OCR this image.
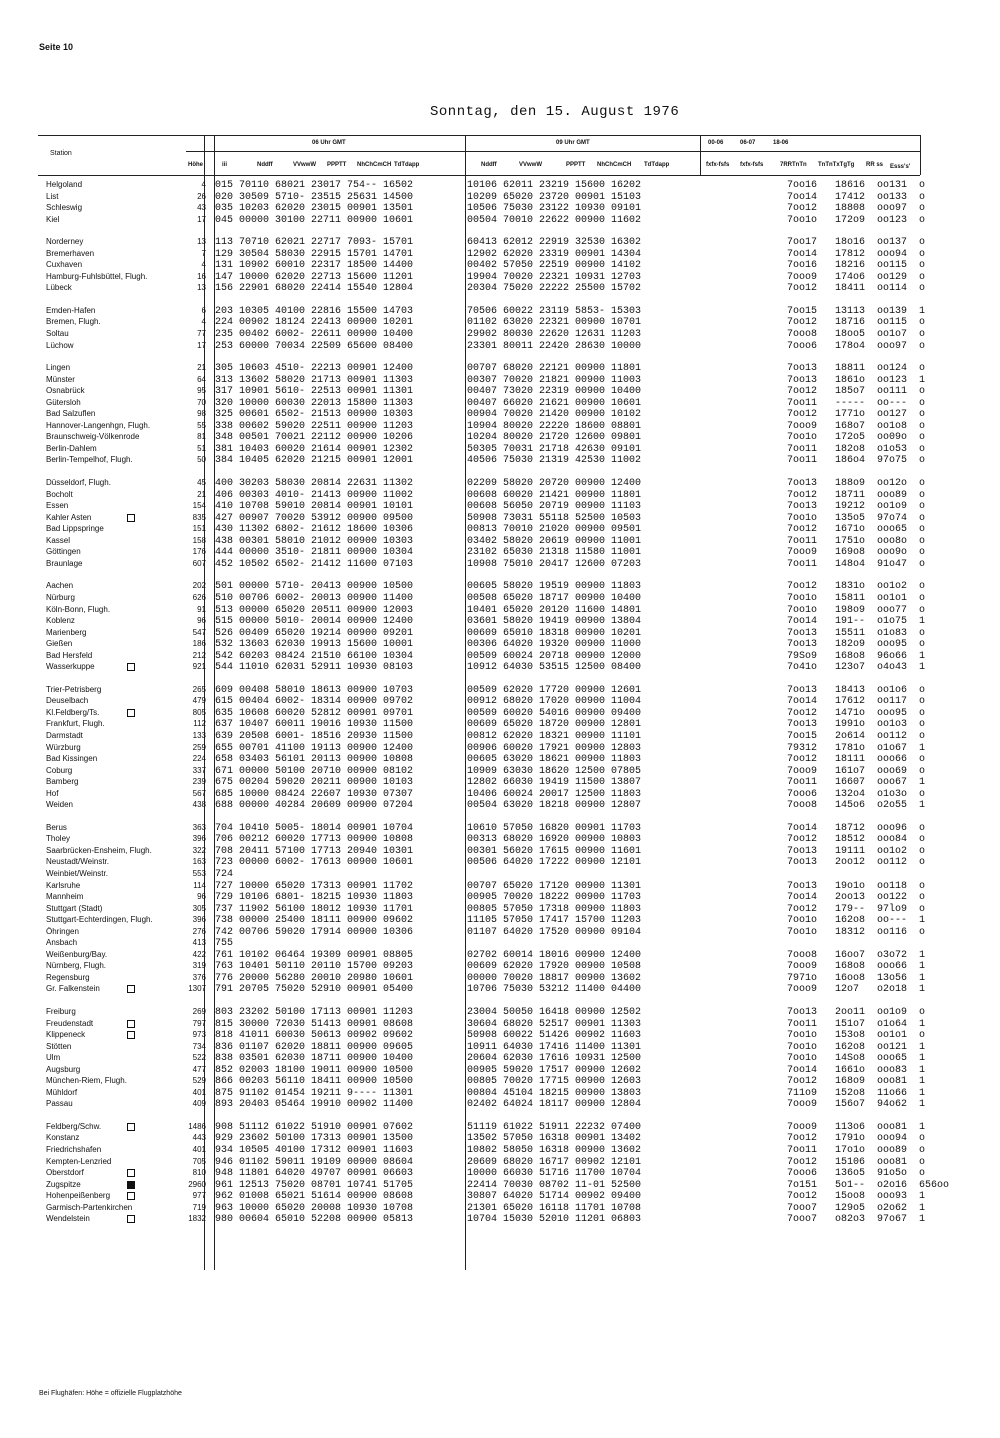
Seite 10
Sonntag, den 15. August 1976
Station
Höhe	iii
06 Uhr GMT	09 Uhr GMT
Nddff	VVwwW PPPTT NhChCmCH TdTdapp	Nddff	VVwwW	PPPTT NhChCmCH TdTdapp
00-06	06-07	18-06
fxfx-fsfs fxfx-fsfs	7RRTnTn TnTnTxTgTg RR ss Esss's'
Helgoland	4 015 70110 68021 23017 754-- 16502	10106 62011 23219 15600 16202	7oo16   18616  oo131  o
List	26 020 30509 5710- 23515 25631 14500	10209 65020 23720 00901 15103	7oo14   17412  oo133  o
Schleswig	43 035 10203 62020 23015 00901 13501	10506 75030 23122 10930 09101	7oo12   18808  ooo97  o
Kiel	17 045 00000 30100 22711 00900 10601	00504 70010 22622 00900 11602	7oo1o   172o9  oo123  o
Norderney	13 113 70710 62021 22717 7093- 15701	60413 62012 22919 32530 16302	7oo17   18o16  oo137  o
Bremerhaven	7 129 30504 58030 22915 15701 14701	12902 62020 23319 00901 14304	7oo14   17812  ooo94  o
Cuxhaven	4 131 10902 60010 22317 18500 14400	00402 57050 22519 00900 14102	7oo16   18216  oo115  o
Hamburg-Fuhlsbüttel, Flugh.	16 147 10000 62020 22713 15600 11201	19904 70020 22321 10931 12703	7ooo9   174o6  oo129  o
Lübeck	13 156 22901 68020 22414 15540 12804	20304 75020 22222 25500 15702	7oo12   18411  oo114  o
Emden-Hafen	6 203 10305 40100 22816 15500 14703	70506 60022 23119 5853- 15303	7oo15   13113  oo139  1
Bremen, Flugh.	4 224 00902 18124 22413 00900 10201	01102 63020 22321 00900 10701	7oo12   18716  oo115  o
Soltau	77 235 00402 6002- 22611 00900 10400	29902 80030 22620 12631 11203	7ooo8   18oo5  oo1o7  o
Lüchow	17 253 60000 70034 22509 65600 08400	23301 80011 22420 28630 10000	7ooo6   178o4  ooo97  o
Lingen	21 305 10603 4510- 22213 00901 12400	00707 68020 22121 00900 11801	7oo13   18811  oo124  o
Münster	64 313 13602 58020 21713 00901 11303	00307 70020 21821 00900 11003	7oo13   1861o  oo123  1
Osnabrück	95 317 10901 5610- 22513 00901 11301	00407 73020 22319 00900 10400	7oo12   185o7  oo111  o
Gütersloh	70 320 10000 60030 22013 15800 11303	00407 66020 21621 00900 10601	7oo11   -----  oo---  o
Bad Salzuflen	98 325 00601 6502- 21513 00900 10303	00904 70020 21420 00900 10102	7oo12   1771o  oo127  o
Hannover-Langenhgn, Flugh.	55 338 00602 59020 22511 00900 11203	10904 80020 22220 18600 08801	7ooo9   168o7  oo1o8  o
Braunschweig-Völkenrode	81 348 00501 70021 22112 00900 10206	10204 80020 21720 12600 09801	7oo1o   172o5  oo09o  o
Berlin-Dahlem	51 381 10403 60020 21614 00901 12302	50305 70031 21718 42630 09101	7oo11   182o8  o1o53  o
Berlin-Tempelhof, Flugh.	50 384 10405 62020 21215 00901 12001	40506 75030 21319 42530 11002	7oo11   186o4  97o75  o
Düsseldorf, Flugh.	45 400 30203 58030 20814 22631 11302	02209 58020 20720 00900 12400	7oo13   188o9  oo12o  o
Bocholt	21 406 00303 4010- 21413 00900 11002	00608 60020 21421 00900 11801	7oo12   18711  ooo89  o
Essen	154 410 10708 59010 20814 00901 10101	00608 56050 20719 00900 11103	7oo13   19212  oo1o9  o
Kahler Asten	835 427 00907 70020 53912 00900 09500	50908 73031 55118 52500 10503	7oo1o   135o5  97o74  o
Bad Lippspringe	151 430 11302 6802- 21612 18600 10306	00813 70010 21020 00900 09501	7oo12   1671o  ooo65  o
Kassel	158 438 00301 58010 21012 00900 10303	03402 58020 20619 00900 11001	7oo11   1751o  ooo8o  o
Göttingen	176 444 00000 3510- 21811 00900 10304	23102 65030 21318 11580 11001	7ooo9   169o8  ooo9o  o
Braunlage	607 452 10502 6502- 21412 11600 07103	10908 75010 20417 12600 07203	7oo11   148o4  91o47  o
Aachen	202 501 00000 5710- 20413 00900 10500	00605 58020 19519 00900 11803	7oo12   1831o  oo1o2  o
Nürburg	626 510 00706 6002- 20013 00900 11400	00508 65020 18717 00900 10400	7oo1o   15811  oo1o1  o
Köln-Bonn, Flugh.	91 513 00000 65020 20511 00900 12003	10401 65020 20120 11600 14801	7oo1o   198o9  ooo77  o
Koblenz	96 515 00000 5010- 20014 00900 12400	03601 58020 19419 00900 13804	7oo14   191--  o1o75  1
Marienberg	547 526 00409 65020 19214 00900 09201	00609 65010 18318 00900 10201	7oo13   15511  o1o83  o
Gießen	186 532 13603 62030 19913 15600 10001	00306 64020 19320 00900 11000	7oo13   182o9  ooo95  o
Bad Hersfeld	212 542 60203 08424 21510 66100 10304	00509 60024 20718 00900 12000	79So9   168o8  96o66  1
Wasserkuppe	921 544 11010 62031 52911 10930 08103	10912 64030 53515 12500 08400	7o41o   123o7  o4o43  1
Trier-Petrisberg	265 609 00408 58010 18613 00900 10703	00509 62020 17720 00900 12601	7oo13   18413  oo1o6  o
Deuselbach	479 615 00404 6002- 18314 00900 09702	00912 68020 17020 00900 11004	7oo14   17612  oo117  o
Kl.Feldberg/Ts.	805 635 10608 60020 52812 00901 09701	00509 60020 54016 00900 09400	7oo12   1471o  ooo95  o
Frankfurt, Flugh.	112 637 10407 60011 19016 10930 11500	00609 65020 18720 00900 12801	7oo13   1991o  oo1o3  o
Darmstadt	133 639 20508 6001- 18516 20930 11500	00812 62020 18321 00900 11101	7oo15   2o614  oo112  o
Würzburg	259 655 00701 41100 19113 00900 12400	00906 60020 17921 00900 12803	79312   1781o  o1o67  1
Bad Kissingen	224 658 03403 56101 20113 00900 10808	00605 63020 18621 00900 11803	7oo12   18111  ooo66  o
Coburg	337 671 00000 50100 20710 00900 08102	10909 63030 18620 12500 07805	7ooo9   161o7  ooo69  o
Bamberg	239 675 00204 59020 20211 00900 10103	12802 66030 19419 11500 13807	7oo11   16607  ooo67  1
Hof	567 685 10000 08424 22607 10930 07307	10406 60024 20017 12500 11803	7ooo6   132o4  o1o3o  o
Weiden	438 688 00000 40284 20609 00900 07204	00504 63020 18218 00900 12807	7ooo8   145o6  o2o55  1
Berus	363 704 10410 5005- 18014 00901 10704	10610 57050 16820 00901 11703	7oo14   18712  ooo96  o
Tholey	396 706 00212 60020 17713 00900 10808	00313 68020 16920 00900 10803	7oo12   18512  ooo84  o
Saarbrücken-Ensheim, Flugh.	322 708 20411 57100 17713 20940 10301	00301 56020 17615 00900 11601	7oo13   19111  oo1o2  o
Neustadt/Weinstr.	163 723 00000 6002- 17613 00900 10601	00506 64020 17222 00900 12101	7oo13   2oo12  oo112  o
Weinbiet/Weinstr.	553 724
Karlsruhe	114 727 10000 65020 17313 00901 11702	00707 65020 17120 00900 11301	7oo13   19o1o  oo118  o
Mannheim	96 729 10106 6801- 18215 10930 11803	00905 70020 18222 00900 11703	7oo14   2oo13  oo122  o
Stuttgart (Stadt)	305 737 11902 56100 18012 10930 11701	00805 57050 17318 00900 11803	7oo12   179--  97lo9  o
Stuttgart-Echterdingen, Flugh.	396 738 00000 25400 18111 00900 09602	11105 57050 17417 15700 11203	7oo1o   162o8  oo---  1
Öhringen	276 742 00706 59020 17914 00900 10306	01107 64020 17520 00900 09104	7oo1o   18312  oo116  o
Ansbach	413 755
Weißenburg/Bay.	422 761 10102 06464 19309 00901 08805	02702 60014 18016 00900 12400	7ooo8   16oo7  o3o72  1
Nürnberg, Flugh.	319 763 10401 50110 20110 15700 09203	00609 62020 17920 00900 10508	7ooo9   168o8  ooo66  1
Regensburg	376 776 20000 56280 20010 20980 10601	00000 70020 18817 00900 13602	7971o   16oo8  13o56  1
Gr. Falkenstein	1307 791 20705 75020 52910 00901 05400	10706 75030 53212 11400 04400	7ooo9   12o7   o2o18  1
Freiburg	269 803 23202 50100 17113 00901 11203	23004 50050 16418 00900 12502	7oo13   2oo11  oo1o9  o
Freudenstadt	797 815 30000 72030 51413 00901 08608	30604 68020 52517 00901 11303	7oo11   151o7  o1o64  1
Klippeneck	973 818 41011 60030 50613 00902 09602	50908 60022 51426 00902 11603	7oo1o   153o8  oo1o1  o
Stötten	734 836 01107 62020 18811 00900 09605	10911 64030 17416 11400 11301	7oo1o   162o8  oo121  1
Ulm	522 838 03501 62030 18711 00900 10400	20604 62030 17616 10931 12500	7oo1o   14So8  ooo65  1
Augsburg	477 852 02003 18100 19011 00900 10500	00905 59020 17517 00900 12602	7oo14   1661o  ooo83  1
München-Riem, Flugh.	529 866 00203 56110 18411 00900 10500	00805 70020 17715 00900 12603	7oo12   168o9  ooo81  1
Mühldorf	401 875 91102 01454 19211 9---- 11301	00804 45104 18215 00900 13803	711o9   152o8  11o66  1
Passau	409 893 20403 05464 19910 00902 11400	02402 64024 18117 00900 12804	7ooo9   156o7  94o62  1
Feldberg/Schw.	1486 908 51112 61022 51910 00901 07602	51119 61022 51911 22232 07400	7ooo9   113o6  ooo81  1
Konstanz	443 929 23602 50100 17313 00901 13500	13502 57050 16318 00901 13402	7oo12   1791o  ooo94  o
Friedrichshafen	401 934 10505 40100 17312 00901 11603	10802 58050 16318 00900 13602	7oo11   17o1o  ooo89  o
Kempten-Lenzried	705 946 01102 59011 19109 00900 08604	20609 68020 16717 00902 12101	7oo12   15106  ooo81  o
Oberstdorf	810 948 11801 64020 49707 00901 06603	10000 66030 51716 11700 10704	7ooo6   136o5  91o5o  o
Zugspitze	2960 961 12513 75020 08701 10741 51705	22414 70030 08702 11-01 52500	7o151   5o1--  o2o16  656oo
Hohenpeißenberg	977 962 01008 65021 51614 00900 08608	30807 64020 51714 00902 09400	7oo12   15oo8  ooo93  1
Garmisch-Partenkirchen	719 963 10000 65020 20008 10930 10708	21301 65020 16118 11701 10708	7ooo7   129o5  o2o62  1
Wendelstein	1832 980 00604 65010 52208 00900 05813	10704 15030 52010 11201 06803	7ooo7   o82o3  97o67  1
Bei Flughäfen: Höhe = offizielle Flugplatzhöhe
